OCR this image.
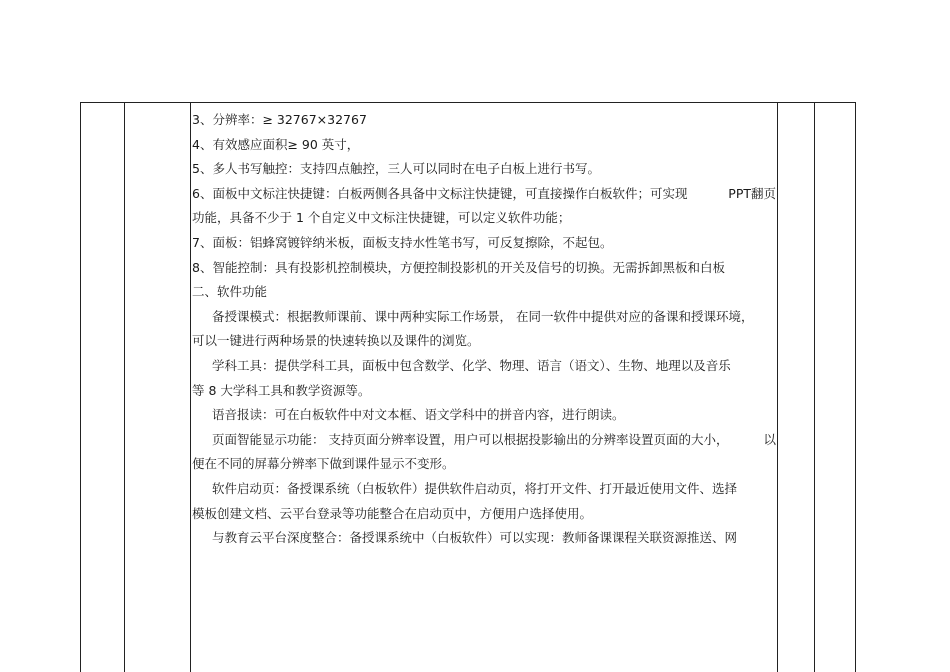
3、分辨率：≥ 32767×32767
4、有效感应面积≥ 90 英寸，
5、多人书写触控：支持四点触控，三人可以同时在电子白板上进行书写。
6、面板中文标注快捷键：白板两侧各具备中文标注快捷键，可直接操作白板软件；可实现	PPT翻页
功能，具备不少于 1 个自定义中文标注快捷键，可以定义软件功能；
7、面板：铝蜂窝镀锌纳米板，面板支持水性笔书写，可反复擦除，不起包。
8、智能控制：具有投影机控制模块，方便控制投影机的开关及信号的切换。无需拆卸黑板和白板
二、软件功能
备授课模式：根据教师课前、课中两种实际工作场景， 在同一软件中提供对应的备课和授课环境，
可以一键进行两种场景的快速转换以及课件的浏览。
学科工具：提供学科工具，面板中包含数学、化学、物理、语言（语文）、生物、地理以及音乐
等 8 大学科工具和教学资源等。
语音报读：可在白板软件中对文本框、语文学科中的拼音内容，进行朗读。
页面智能显示功能： 支持页面分辨率设置，用户可以根据投影输出的分辨率设置页面的大小，	以
便在不同的屏幕分辨率下做到课件显示不变形。
软件启动页：备授课系统（白板软件）提供软件启动页，将打开文件、打开最近使用文件、选择
模板创建文档、云平台登录等功能整合在启动页中，方便用户选择使用。
与教育云平台深度整合：备授课系统中（白板软件）可以实现：教师备课课程关联资源推送、网
